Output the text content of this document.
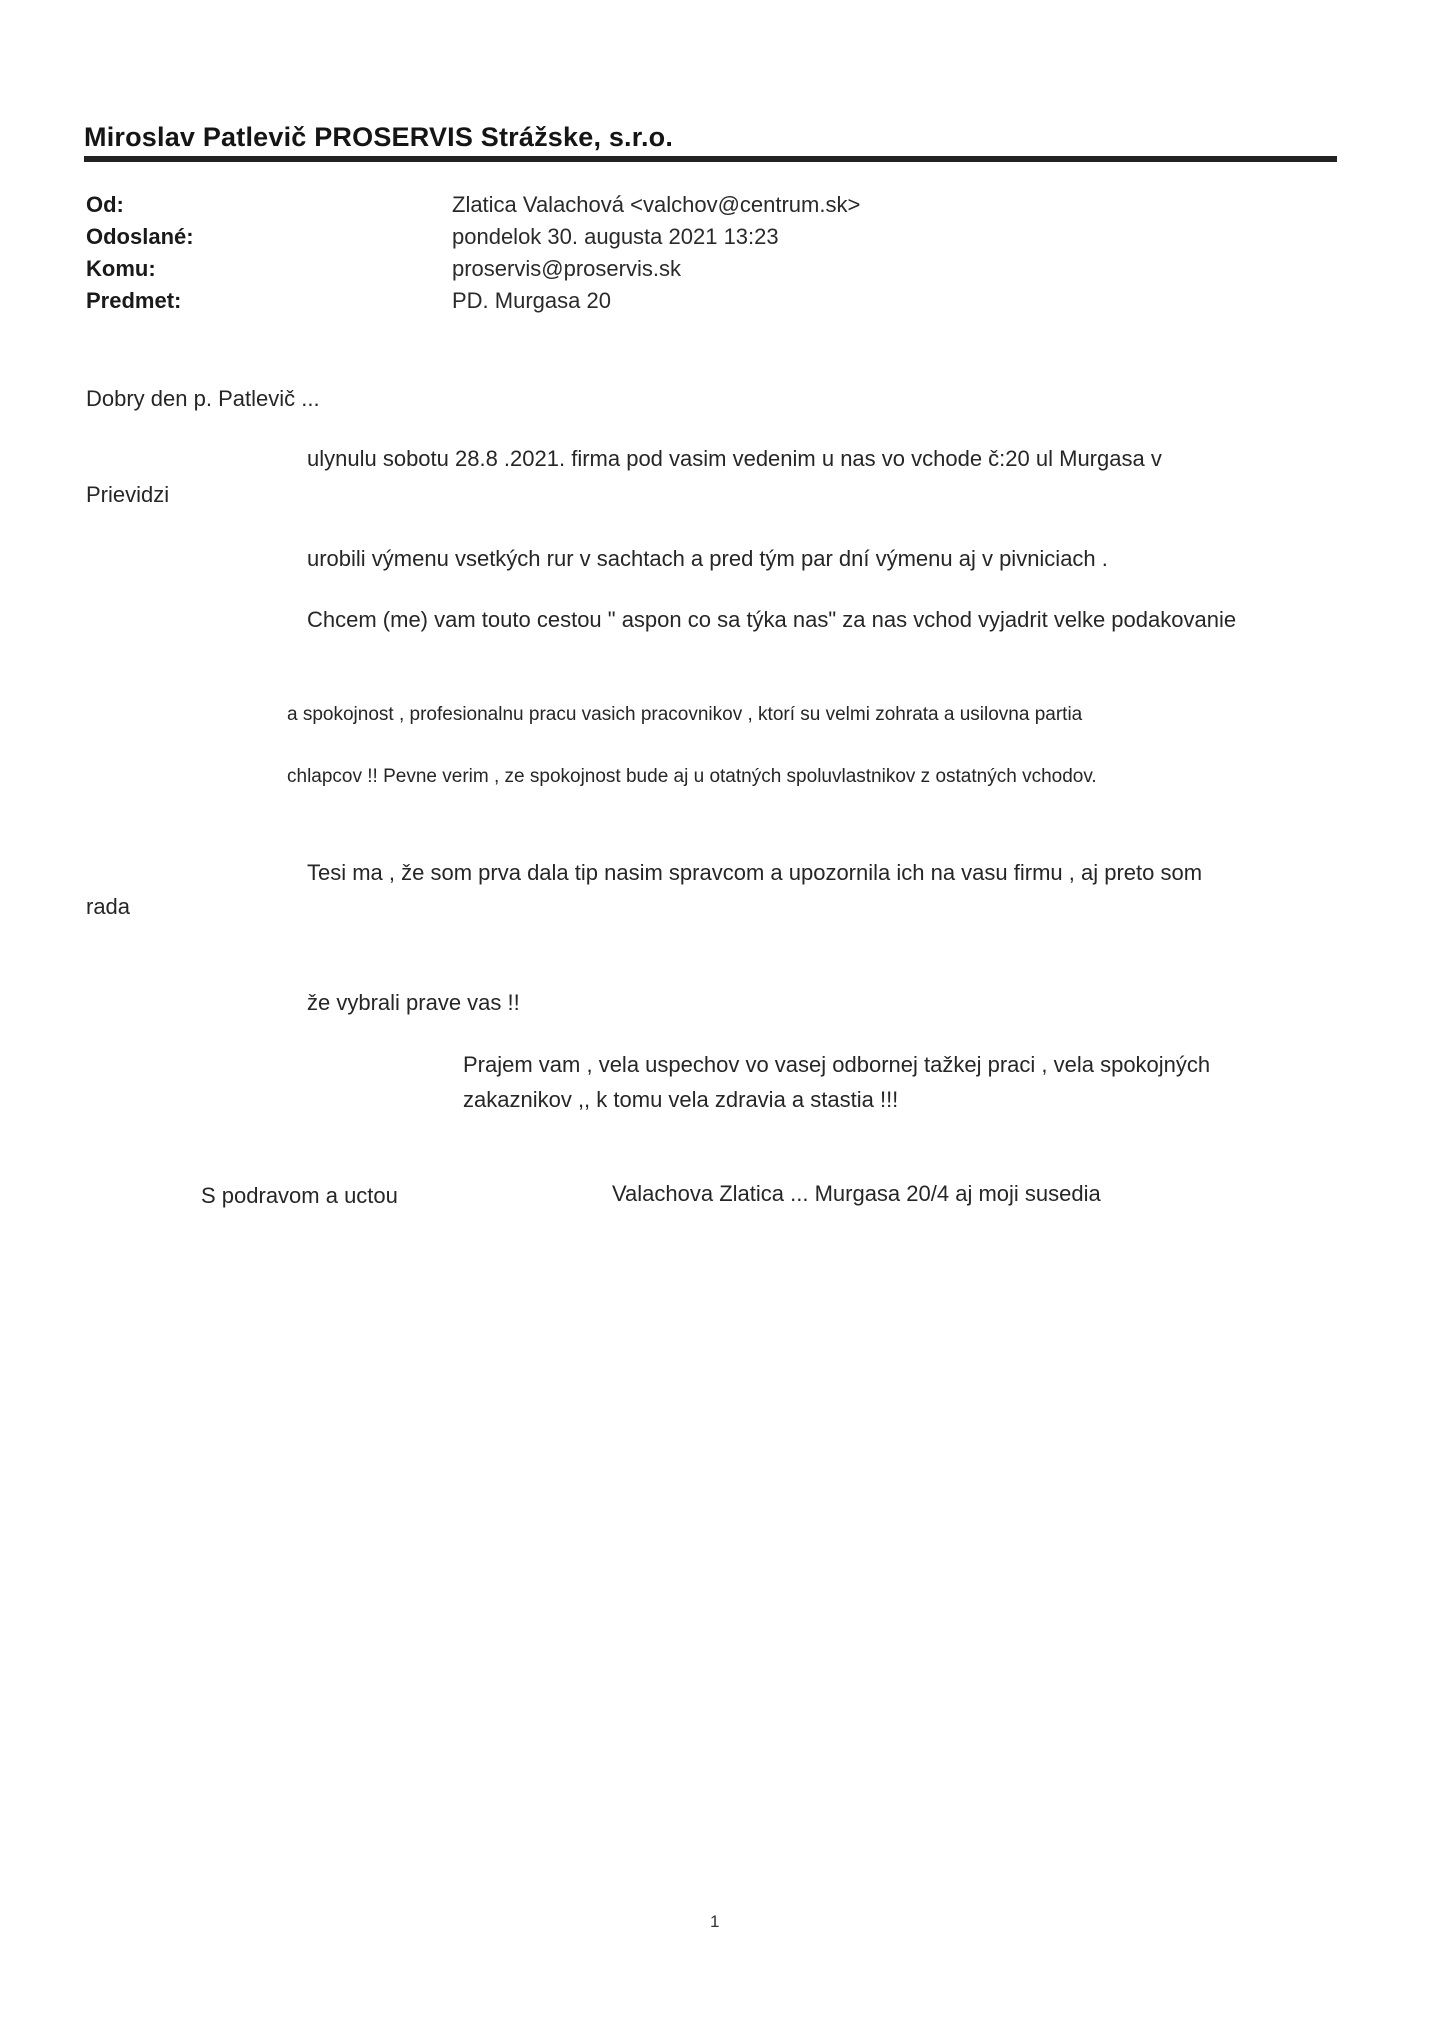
Miroslav Patlevič PROSERVIS Strážske, s.r.o.
Od:	Zlatica Valachová <valchov@centrum.sk>
Odoslané:	pondelok 30. augusta 2021 13:23
Komu:	proservis@proservis.sk
Predmet:	PD. Murgasa 20
Dobry den p. Patlevič ...
ulynulu sobotu 28.8 .2021. firma pod vasim vedenim u nas vo vchode č:20 ul Murgasa v
Prievidzi
urobili výmenu vsetkých rur v sachtach a pred tým par dní výmenu aj v pivniciach .
Chcem (me) vam touto cestou " aspon co sa týka nas" za nas vchod vyjadrit velke podakovanie
a spokojnost , profesionalnu pracu vasich pracovnikov , ktorí su velmi zohrata a usilovna partia
chlapcov !! Pevne verim , ze spokojnost bude aj u otatných spoluvlastnikov z ostatných vchodov.
Tesi ma , že som prva dala tip nasim spravcom a upozornila ich na vasu firmu , aj preto som
rada
že vybrali prave vas !!
Prajem vam , vela uspechov vo vasej odbornej tažkej praci , vela spokojných
zakaznikov ,, k tomu vela zdravia a stastia !!!
S podravom a uctou	Valachova Zlatica ... Murgasa 20/4 aj moji susedia
1
